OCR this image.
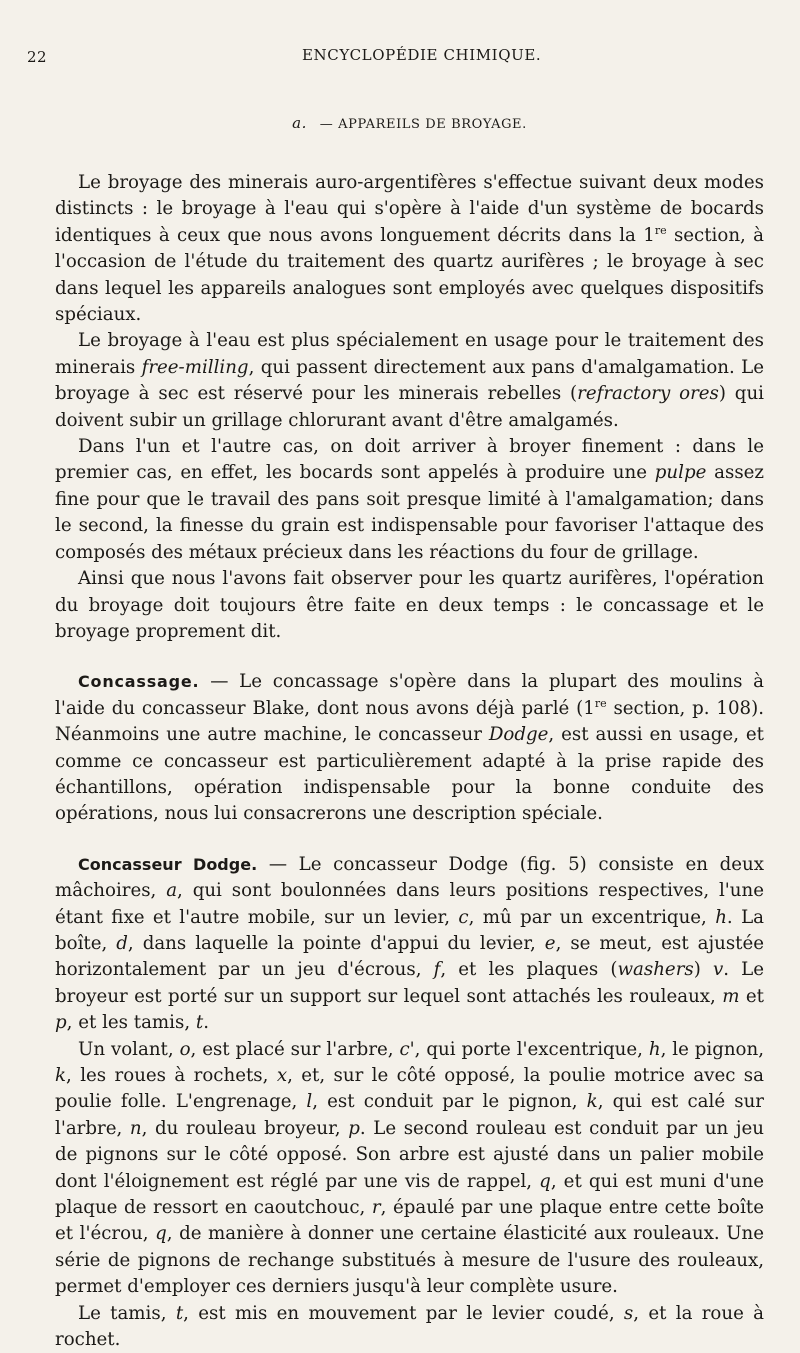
22	ENCYCLOPÉDIE CHIMIQUE.
a. — APPAREILS DE BROYAGE.

Le broyage des minerais auro-argentifères s'effectue suivant deux modes distincts : le broyage à l'eau qui s'opère à l'aide d'un système de bocards identiques à ceux que nous avons longuement décrits dans la 1re section, à l'occasion de l'étude du traitement des quartz aurifères ; le broyage à sec dans lequel les appareils analogues sont employés avec quelques dispositifs spéciaux.

Le broyage à l'eau est plus spécialement en usage pour le traitement des minerais free-milling, qui passent directement aux pans d'amalgamation. Le broyage à sec est réservé pour les minerais rebelles (refractory ores) qui doivent subir un grillage chlorurant avant d'être amalgamés.

Dans l'un et l'autre cas, on doit arriver à broyer finement : dans le premier cas, en effet, les bocards sont appelés à produire une pulpe assez fine pour que le travail des pans soit presque limité à l'amalgamation; dans le second, la finesse du grain est indispensable pour favoriser l'attaque des composés des métaux précieux dans les réactions du four de grillage.

Ainsi que nous l'avons fait observer pour les quartz aurifères, l'opération du broyage doit toujours être faite en deux temps : le concassage et le broyage proprement dit.

Concassage. — Le concassage s'opère dans la plupart des moulins à l'aide du concasseur Blake, dont nous avons déjà parlé (1re section, p. 108). Néanmoins une autre machine, le concasseur Dodge, est aussi en usage, et comme ce concasseur est particulièrement adapté à la prise rapide des échantillons, opération indispensable pour la bonne conduite des opérations, nous lui consacrerons une description spéciale.

Concasseur Dodge. — Le concasseur Dodge (fig. 5) consiste en deux mâchoires, a, qui sont boulonnées dans leurs positions respectives, l'une étant fixe et l'autre mobile, sur un levier, c, mû par un excentrique, h. La boîte, d, dans laquelle la pointe d'appui du levier, e, se meut, est ajustée horizontalement par un jeu d'écrous, f, et les plaques (washers) v. Le broyeur est porté sur un support sur lequel sont attachés les rouleaux, m et p, et les tamis, t.

Un volant, o, est placé sur l'arbre, c', qui porte l'excentrique, h, le pignon, k, les roues à rochets, x, et, sur le côté opposé, la poulie motrice avec sa poulie folle. L'engrenage, l, est conduit par le pignon, k, qui est calé sur l'arbre, n, du rouleau broyeur, p. Le second rouleau est conduit par un jeu de pignons sur le côté opposé. Son arbre est ajusté dans un palier mobile dont l'éloignement est réglé par une vis de rappel, q, et qui est muni d'une plaque de ressort en caoutchouc, r, épaulé par une plaque entre cette boîte et l'écrou, q, de manière à donner une certaine élasticité aux rouleaux. Une série de pignons de rechange substitués à mesure de l'usure des rouleaux, permet d'employer ces derniers jusqu'à leur complète usure.

Le tamis, t, est mis en mouvement par le levier coudé, s, et la roue à rochet.
